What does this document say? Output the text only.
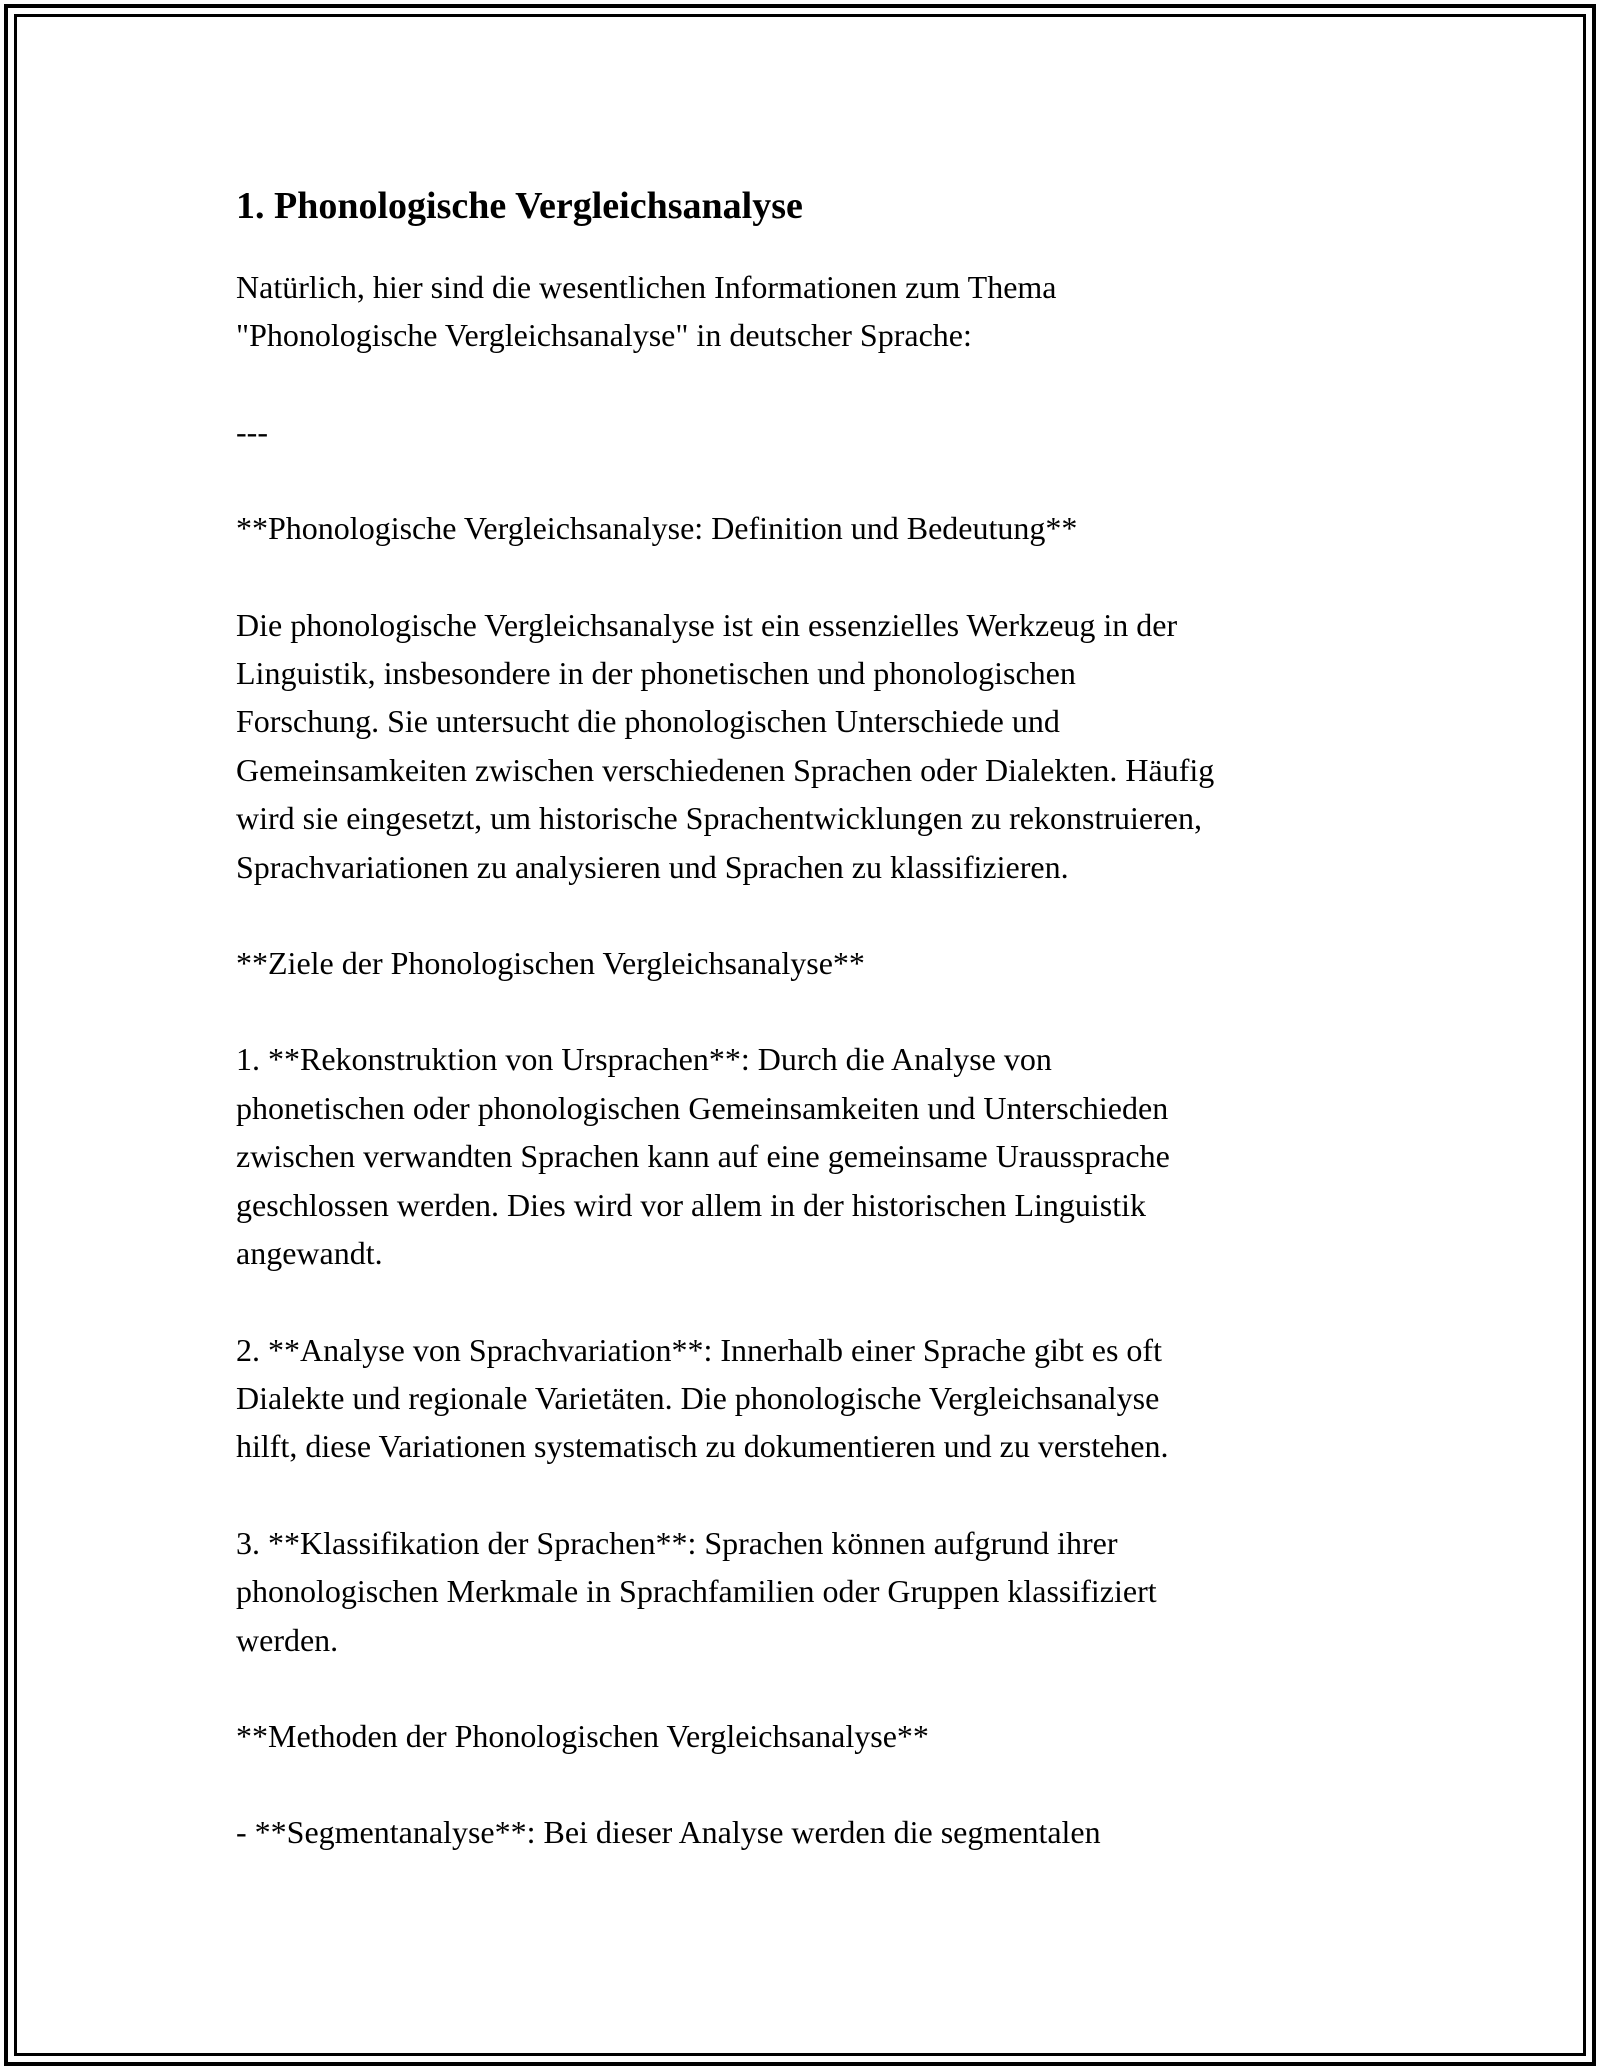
1. Phonologische Vergleichsanalyse

Natürlich, hier sind die wesentlichen Informationen zum Thema
"Phonologische Vergleichsanalyse" in deutscher Sprache:

---

**Phonologische Vergleichsanalyse: Definition und Bedeutung**

Die phonologische Vergleichsanalyse ist ein essenzielles Werkzeug in der
Linguistik, insbesondere in der phonetischen und phonologischen
Forschung. Sie untersucht die phonologischen Unterschiede und
Gemeinsamkeiten zwischen verschiedenen Sprachen oder Dialekten. Häufig
wird sie eingesetzt, um historische Sprachentwicklungen zu rekonstruieren,
Sprachvariationen zu analysieren und Sprachen zu klassifizieren.

**Ziele der Phonologischen Vergleichsanalyse**

1. **Rekonstruktion von Ursprachen**: Durch die Analyse von
phonetischen oder phonologischen Gemeinsamkeiten und Unterschieden
zwischen verwandten Sprachen kann auf eine gemeinsame Uraussprache
geschlossen werden. Dies wird vor allem in der historischen Linguistik
angewandt.

2. **Analyse von Sprachvariation**: Innerhalb einer Sprache gibt es oft
Dialekte und regionale Varietäten. Die phonologische Vergleichsanalyse
hilft, diese Variationen systematisch zu dokumentieren und zu verstehen.

3. **Klassifikation der Sprachen**: Sprachen können aufgrund ihrer
phonologischen Merkmale in Sprachfamilien oder Gruppen klassifiziert
werden.

**Methoden der Phonologischen Vergleichsanalyse**

- **Segmentanalyse**: Bei dieser Analyse werden die segmentalen
